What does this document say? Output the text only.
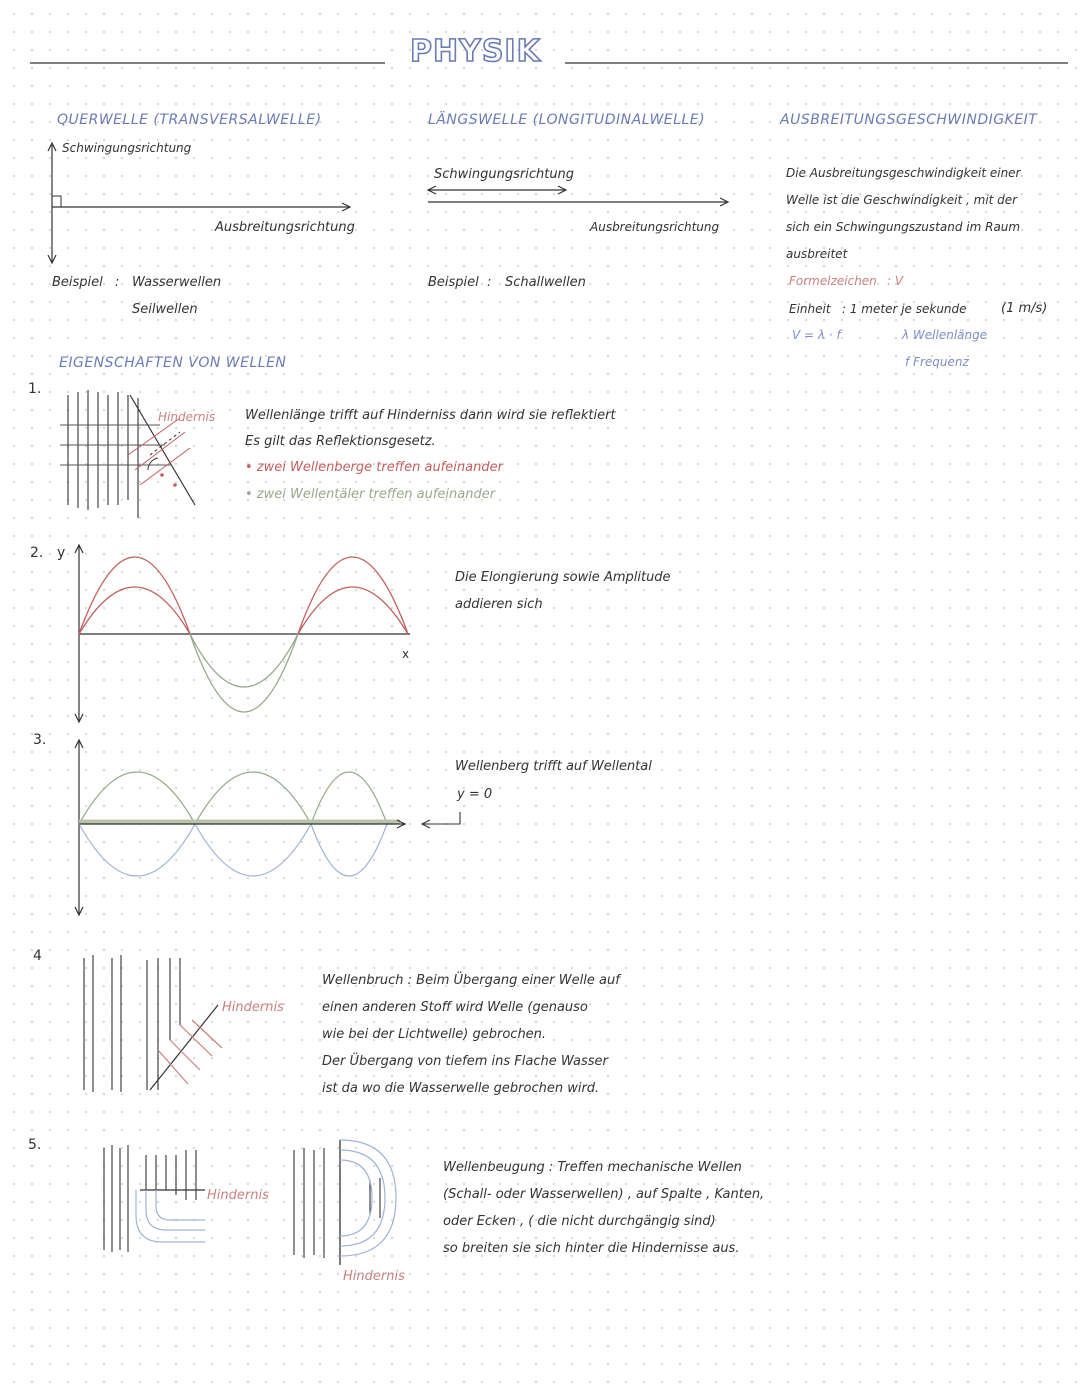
PHYSIK
QUERWELLE (TRANSVERSALWELLE)
Schwingungsrichtung
Ausbreitungsrichtung
Beispiel : Wasserwellen
Seilwellen
LÄNGSWELLE (LONGITUDINALWELLE)
Schwingungsrichtung
Ausbreitungsrichtung
Beispiel : Schallwellen
AUSBREITUNGSGESCHWINDIGKEIT
Die Ausbreitungsgeschwindigkeit einer
Welle ist die Geschwindigkeit , mit der
sich ein Schwingungszustand im Raum
ausbreitet
Formelzeichen : V
Einheit : 1 meter je sekunde	(1 m/s)
V = λ · f	λ Wellenlänge
f Frequenz
EIGENSCHAFTEN VON WELLEN
1.
Hindernis Wellenlänge trifft auf Hinderniss dann wird sie reflektiert
Es gilt das Reflektionsgesetz.
• zwei Wellenberge treffen aufeinander
• zwei Wellentäler treffen aufeinander
2. y
x
Die Elongierung sowie Amplitude
addieren sich
3.
Wellenberg trifft auf Wellental
y = 0
4
Hindernis
Wellenbruch : Beim Übergang einer Welle auf
einen anderen Stoff wird Welle (genauso
wie bei der Lichtwelle) gebrochen.
Der Übergang von tiefem ins Flache Wasser
ist da wo die Wasserwelle gebrochen wird.
5.
Hindernis
Hindernis
Wellenbeugung : Treffen mechanische Wellen
(Schall- oder Wasserwellen) , auf Spalte , Kanten,
oder Ecken , ( die nicht durchgängig sind)
so breiten sie sich hinter die Hindernisse aus.
